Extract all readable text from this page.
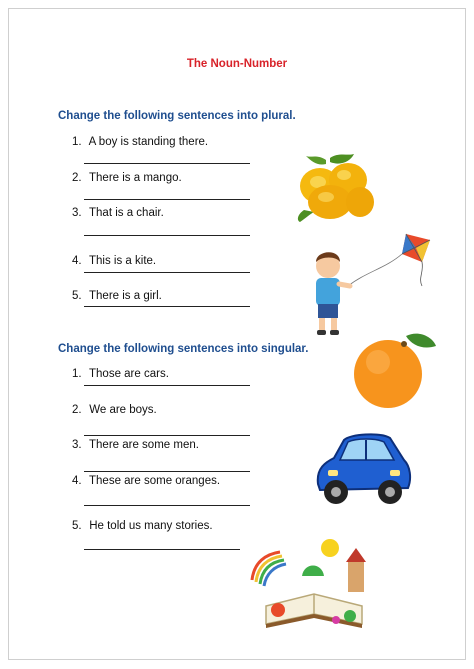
The Noun-Number
Change the following sentences into plural.
1. A boy is standing there.
2. There is a mango.
3. That is a chair.
4. This is a kite.
5. There is a girl.
Change the following sentences into singular.
1. Those are cars.
2. We are boys.
3. There are some men.
4. These are some oranges.
5. He told us many stories.
